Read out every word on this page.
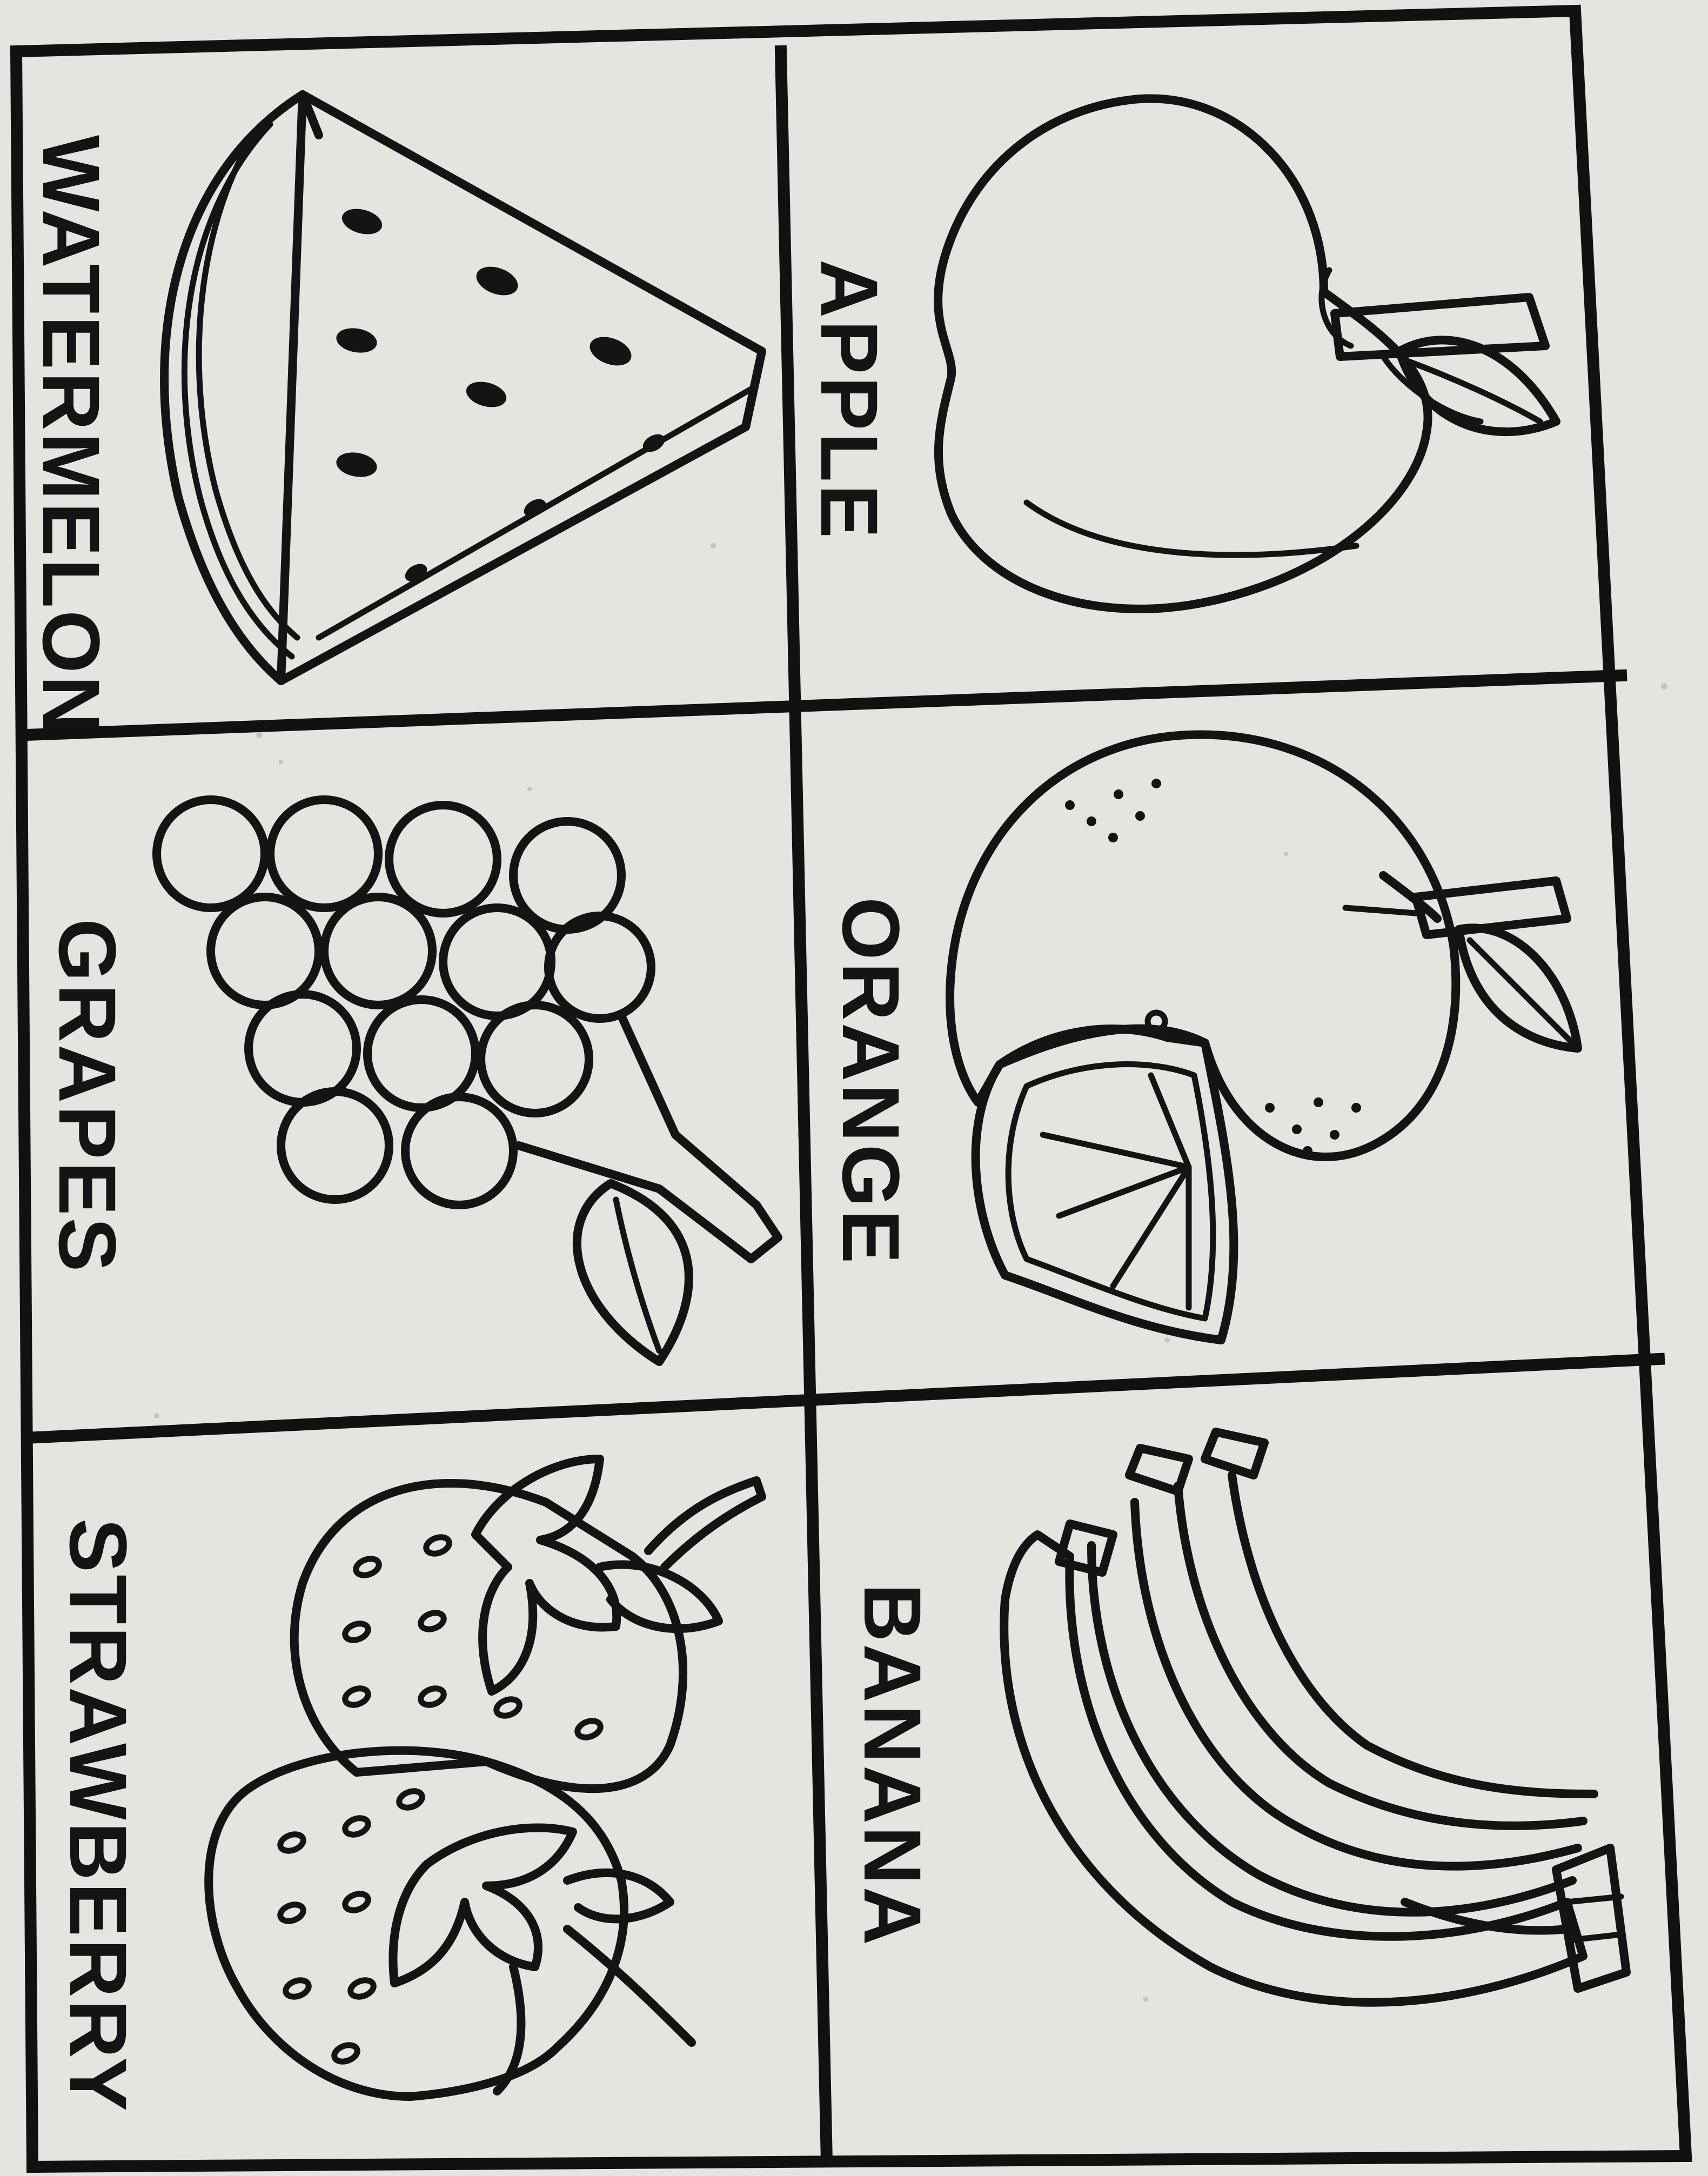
WATERMELON
GRAPES
STRAWBERRY
APPLE
ORANGE
BANANA
